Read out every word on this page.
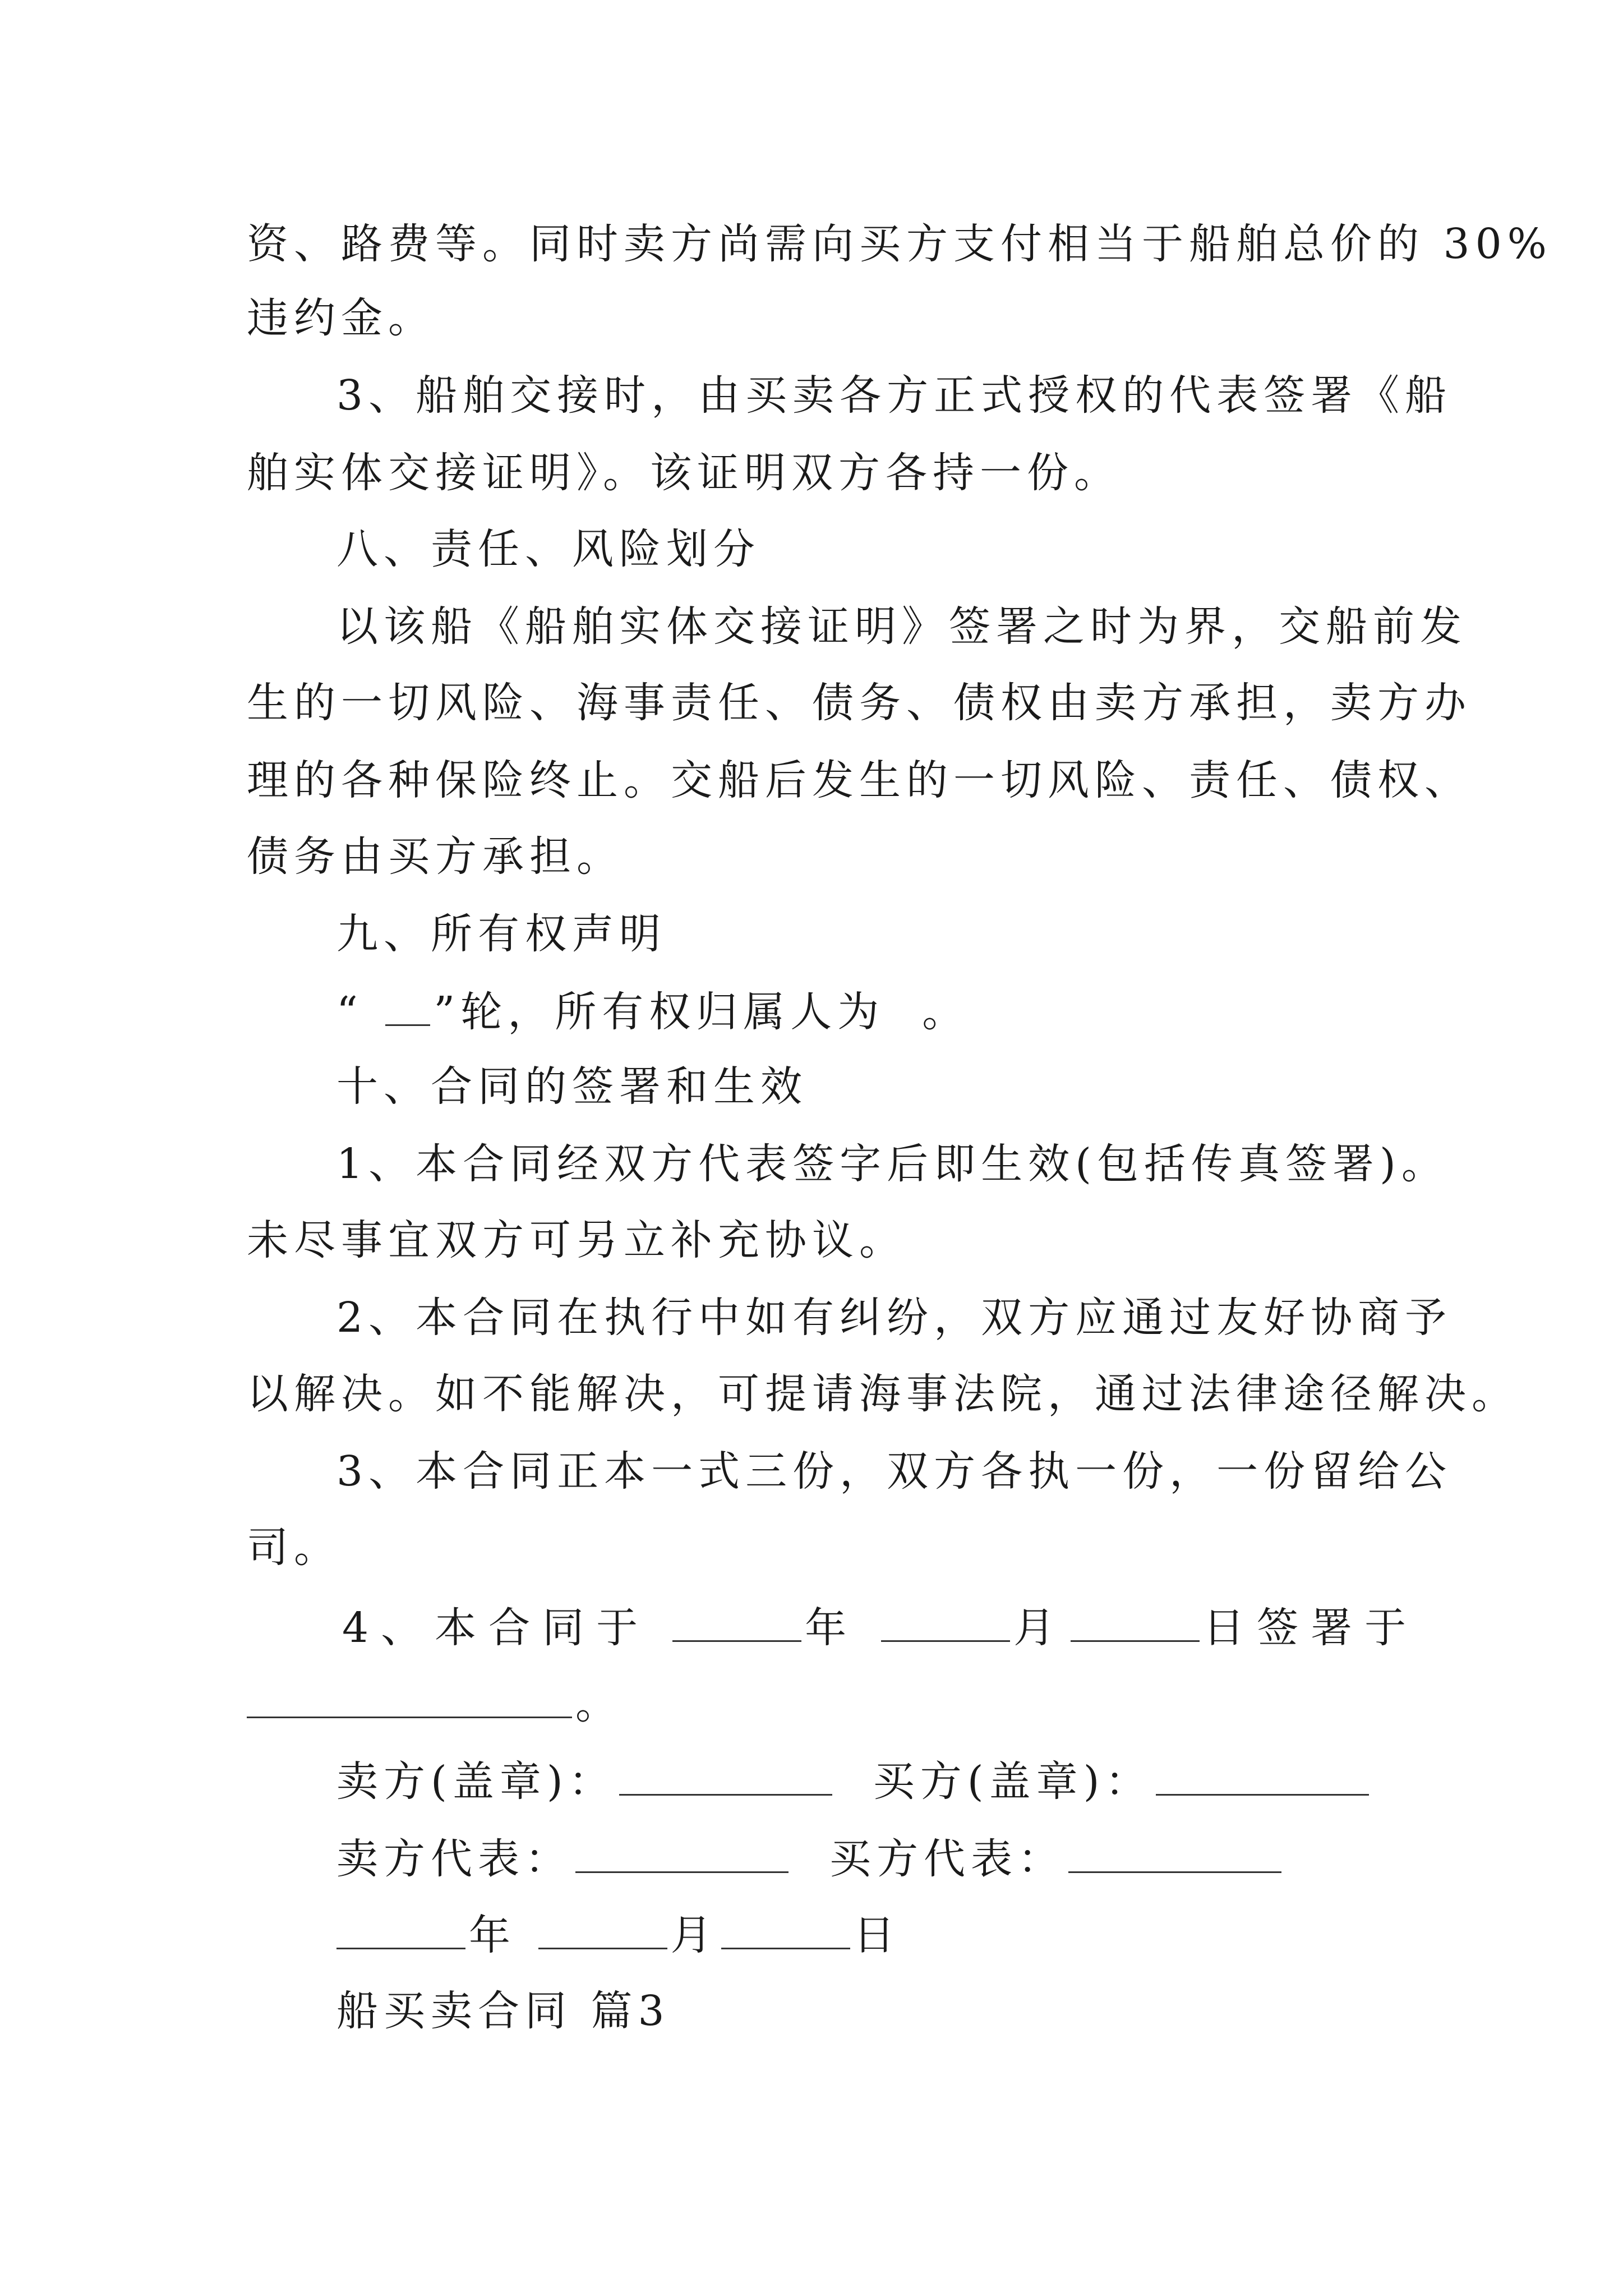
资、路费等。同时卖方尚需向买方支付相当于船舶总价的 30%
违约金。
3、船舶交接时，由买卖各方正式授权的代表签署《船
舶实体交接证明》。该证明双方各持一份。
八、责任、风险划分
以该船《船舶实体交接证明》签署之时为界，交船前发
生的一切风险、海事责任、债务、债权由卖方承担，卖方办
理的各种保险终止。交船后发生的一切风险、责任、债权、
债务由买方承担。
九、所有权声明
“ ”轮，所有权归属人为 。
十、合同的签署和生效
1、本合同经双方代表签字后即生效(包括传真签署)。
未尽事宜双方可另立补充协议。
2、本合同在执行中如有纠纷，双方应通过友好协商予
以解决。如不能解决，可提请海事法院，通过法律途径解决。
3、本合同正本一式三份，双方各执一份，一份留给公
司。
4、本合同于	年	月	日签署于
。
卖方(盖章)：	买方(盖章)：
卖方代表：	买方代表：
年	月	日
船买卖合同 篇3
